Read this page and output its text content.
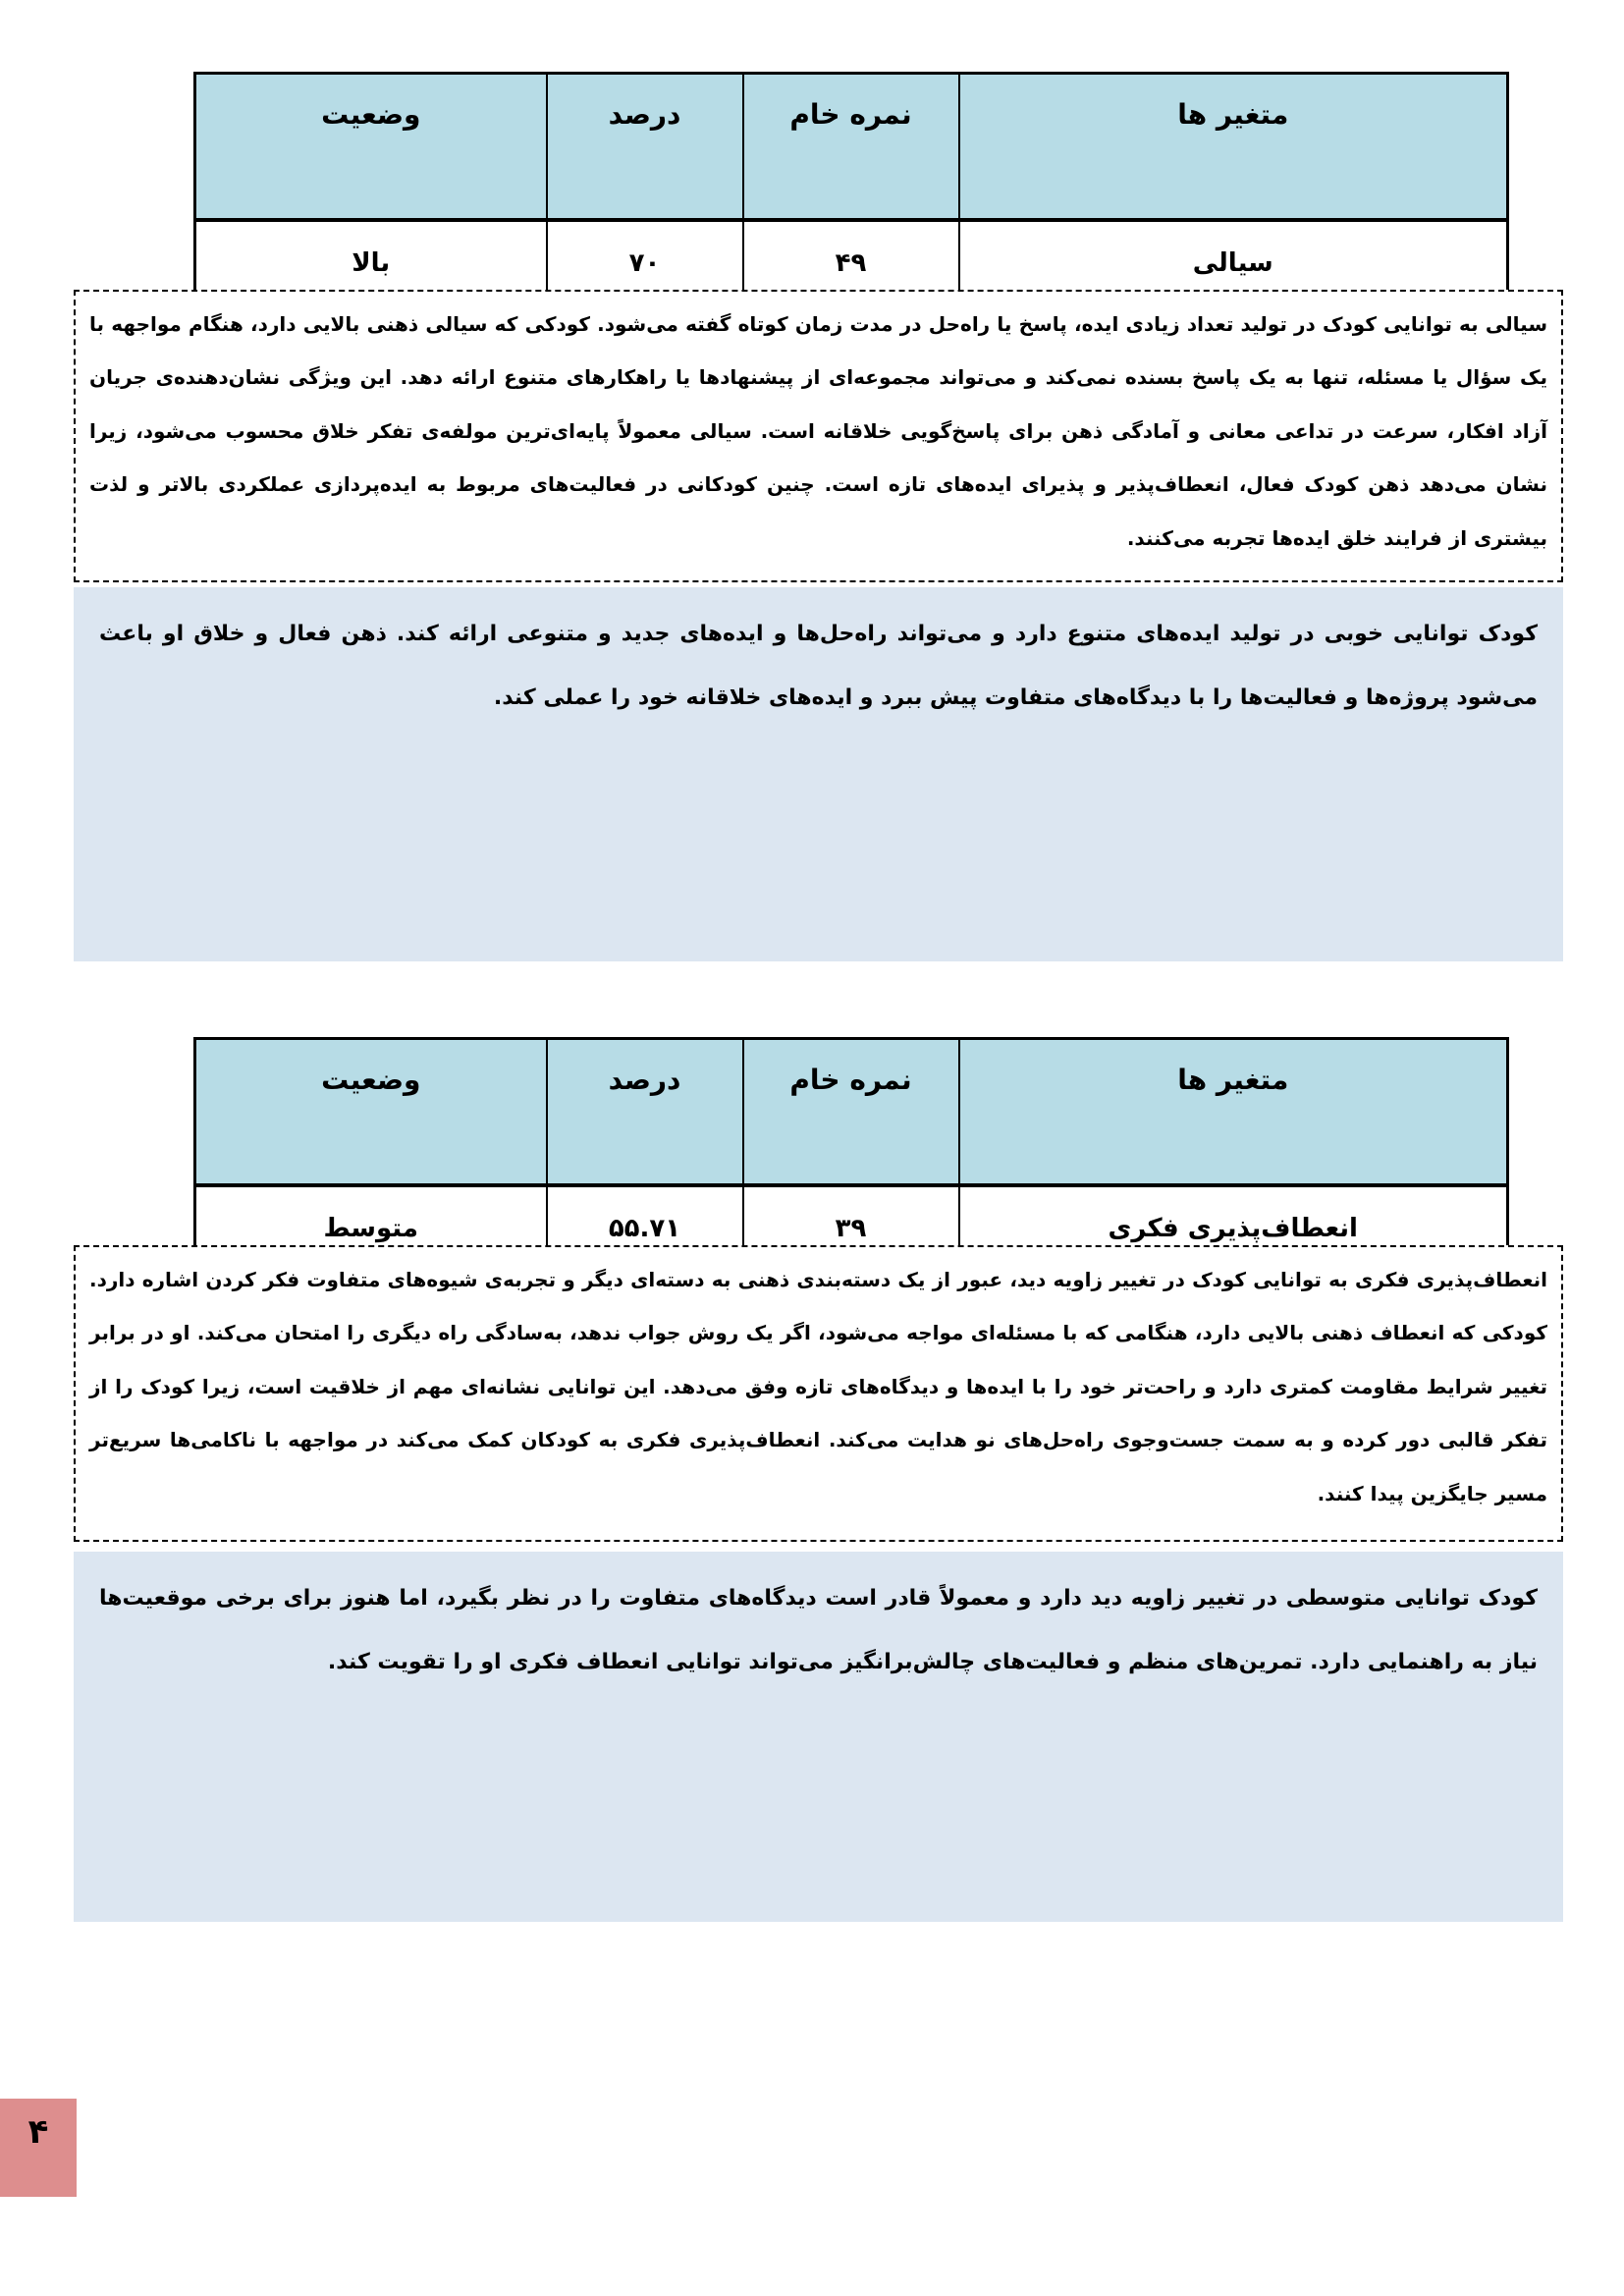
متغیر ها	نمره خام	درصد	وضعیت
سیالی	۴۹	۷۰	بالا
سیالی به توانایی کودک در تولید تعداد زیادی ایده، پاسخ یا راه‌حل در مدت زمان کوتاه گفته می‌شود. کودکی که سیالی ذهنی بالایی دارد، هنگام مواجهه با یک سؤال یا مسئله، تنها به یک پاسخ بسنده نمی‌کند و می‌تواند مجموعه‌ای از پیشنهادها یا راهکارهای متنوع ارائه دهد. این ویژگی نشان‌دهنده‌ی جریان آزاد افکار، سرعت در تداعی معانی و آمادگی ذهن برای پاسخ‌گویی خلاقانه است. سیالی معمولاً پایه‌ای‌ترین مولفه‌ی تفکر خلاق محسوب می‌شود، زیرا نشان می‌دهد ذهن کودک فعال، انعطاف‌پذیر و پذیرای ایده‌های تازه است. چنین کودکانی در فعالیت‌های مربوط به ایده‌پردازی عملکردی بالاتر و لذت بیشتری از فرایند خلق ایده‌ها تجربه می‌کنند.
کودک توانایی خوبی در تولید ایده‌های متنوع دارد و می‌تواند راه‌حل‌ها و ایده‌های جدید و متنوعی ارائه کند. ذهن فعال و خلاق او باعث می‌شود پروژه‌ها و فعالیت‌ها را با دیدگاه‌های متفاوت پیش ببرد و ایده‌های خلاقانه خود را عملی کند.
متغیر ها	نمره خام	درصد	وضعیت
انعطاف‌پذیری فکری	۳۹	۵۵.۷۱	متوسط
انعطاف‌پذیری فکری به توانایی کودک در تغییر زاویه دید، عبور از یک دسته‌بندی ذهنی به دسته‌ای دیگر و تجربه‌ی شیوه‌های متفاوت فکر کردن اشاره دارد. کودکی که انعطاف ذهنی بالایی دارد، هنگامی که با مسئله‌ای مواجه می‌شود، اگر یک روش جواب ندهد، به‌سادگی راه دیگری را امتحان می‌کند. او در برابر تغییر شرایط مقاومت کمتری دارد و راحت‌تر خود را با ایده‌ها و دیدگاه‌های تازه وفق می‌دهد. این توانایی نشانه‌ای مهم از خلاقیت است، زیرا کودک را از تفکر قالبی دور کرده و به سمت جست‌وجوی راه‌حل‌های نو هدایت می‌کند. انعطاف‌پذیری فکری به کودکان کمک می‌کند در مواجهه با ناکامی‌ها سریع‌تر مسیر جایگزین پیدا کنند.
کودک توانایی متوسطی در تغییر زاویه دید دارد و معمولاً قادر است دیدگاه‌های متفاوت را در نظر بگیرد، اما هنوز برای برخی موقعیت‌ها نیاز به راهنمایی دارد. تمرین‌های منظم و فعالیت‌های چالش‌برانگیز می‌تواند توانایی انعطاف فکری او را تقویت کند.
۴
